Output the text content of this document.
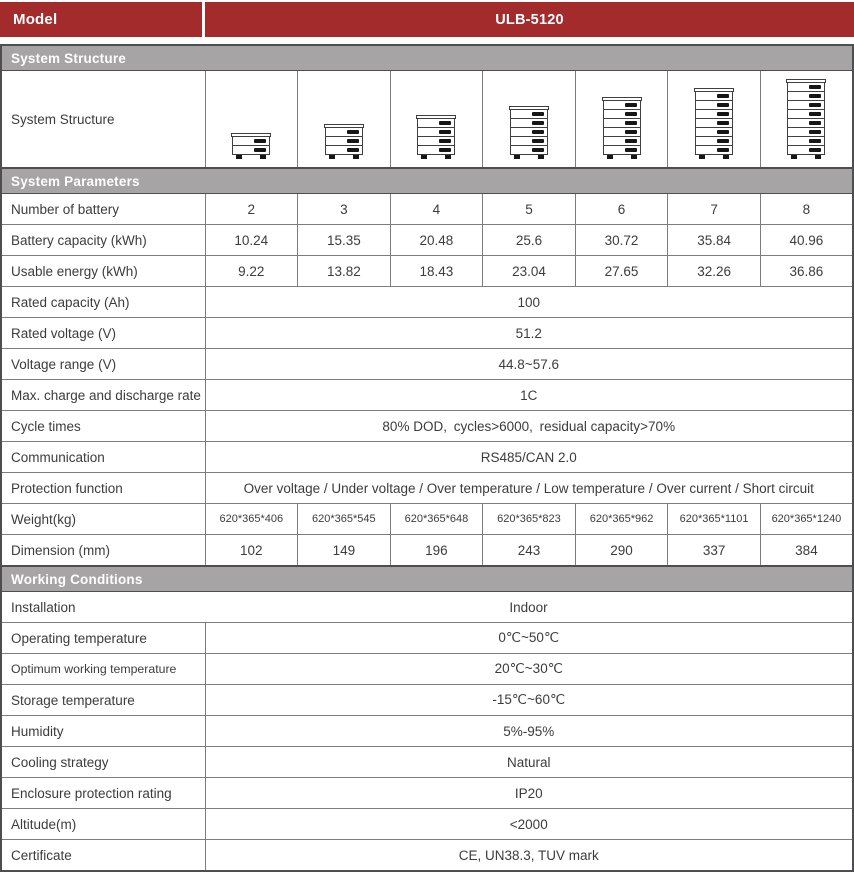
Model	ULB-5120
System Structure							
System Structure	

System Parameters							
Number of battery	2	3	4	5	6	7	8
Battery capacity (kWh)	10.24	15.35	20.48	25.6	30.72	35.84	40.96
Usable energy (kWh)	9.22	13.82	18.43	23.04	27.65	32.26	36.86
Rated capacity (Ah)	100						
Rated voltage (V)	51.2						
Voltage range (V)	44.8~57.6						
Max. charge and discharge rate	1C						
Cycle times	80% DOD, cycles>6000, residual capacity>70%						
Communication	RS485/CAN 2.0						
Protection function	Over voltage / Under voltage / Over temperature / Low temperature / Over current / Short circuit						
Weight(kg)	620*365*406	620*365*545	620*365*648	620*365*823	620*365*962	620*365*1101	620*365*1240
Dimension (mm)	102	149	196	243	290	337	384
Working Conditions							
Installation	Indoor						
Operating temperature	0℃~50℃						
Optimum working temperature	20℃~30℃						
Storage temperature	-15℃~60℃						
Humidity	5%-95%						
Cooling strategy	Natural						
Enclosure protection rating	IP20						
Altitude(m)	<2000						
Certificate	CE, UN38.3, TUV mark						
